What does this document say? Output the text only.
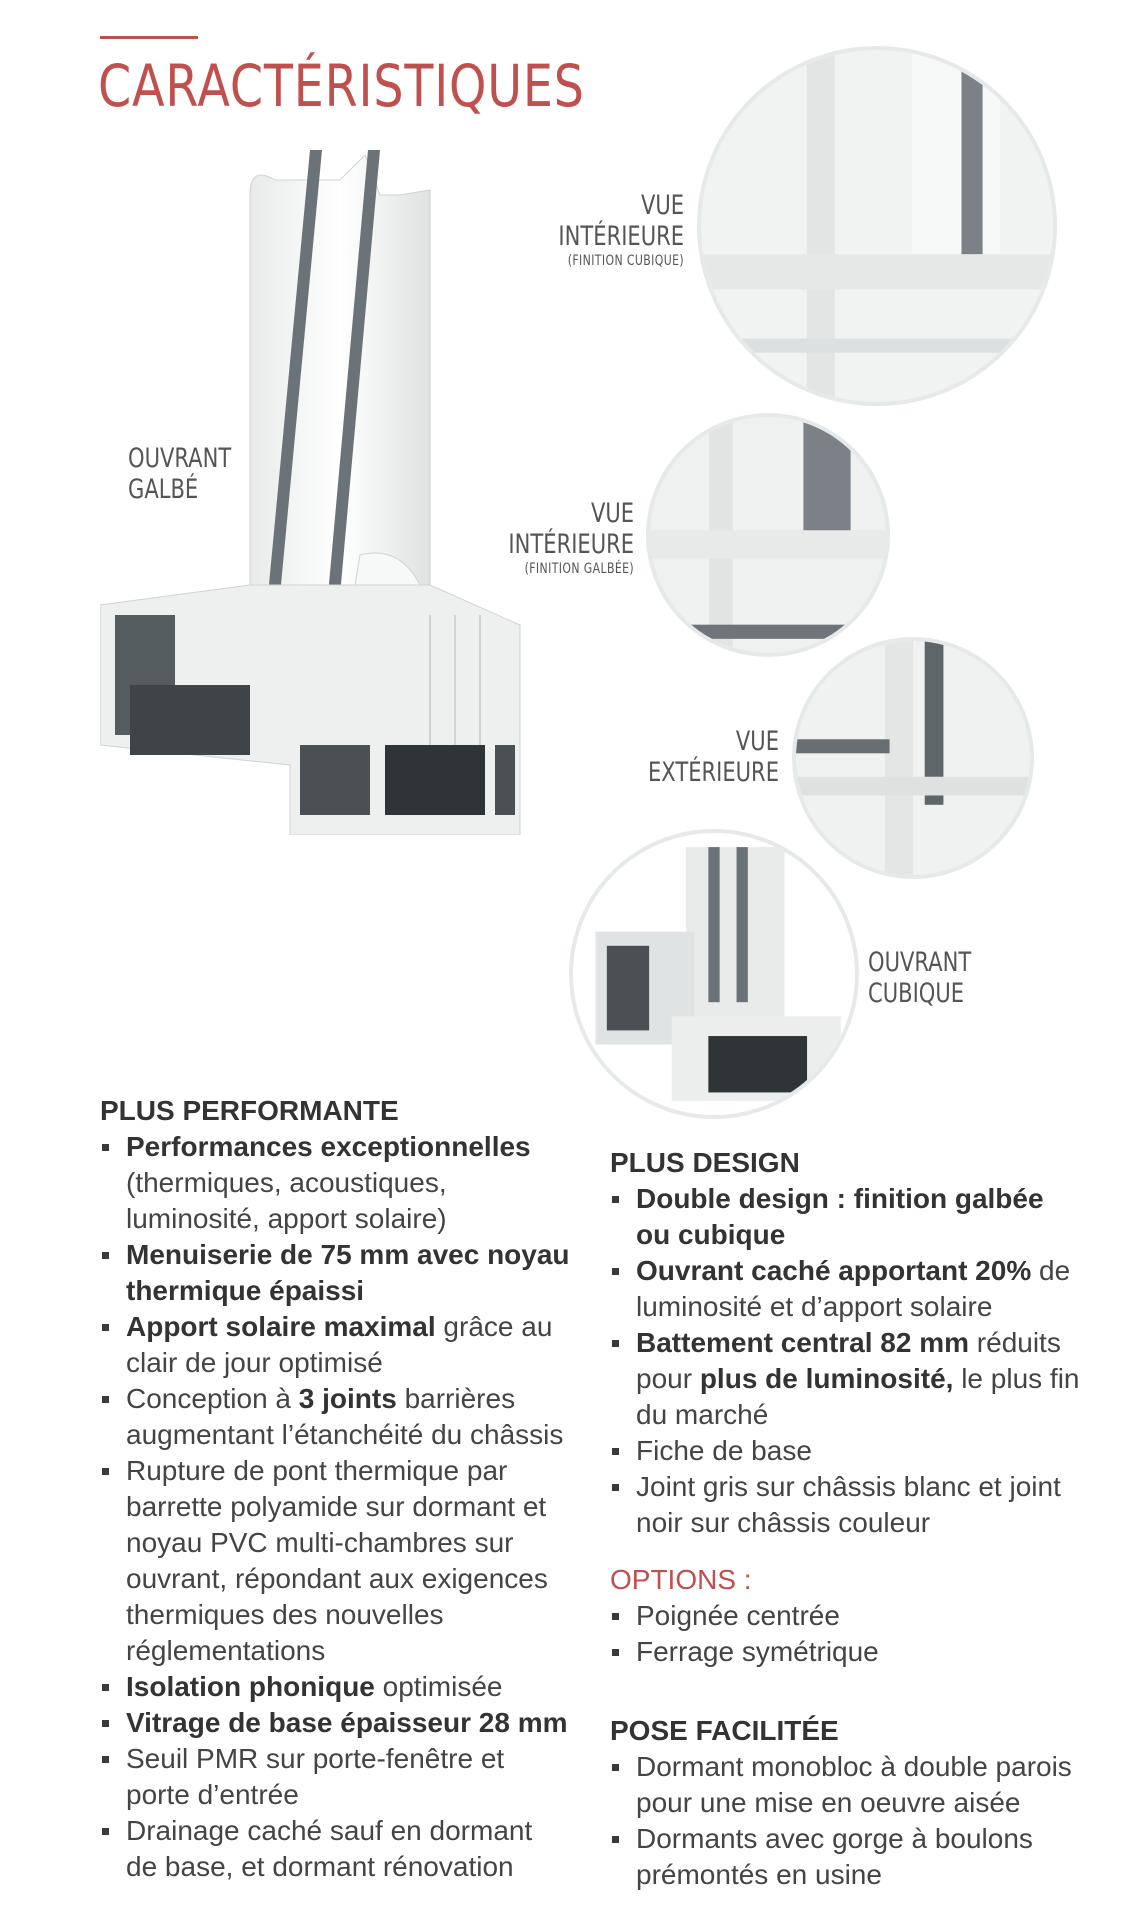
CARACTÉRISTIQUES
OUVRANT
GALBÉ
VUE
INTÉRIEURE
(FINITION CUBIQUE)
VUE
INTÉRIEURE
(FINITION GALBÉE)
VUE
EXTÉRIEURE
OUVRANT
CUBIQUE
PLUS PERFORMANTE
Performances exceptionnelles (thermiques, acoustiques, luminosité, apport solaire)
Menuiserie de 75 mm avec noyau thermique épaissi
Apport solaire maximal grâce au clair de jour optimisé
Conception à 3 joints barrières augmentant l’étanchéité du châssis
Rupture de pont thermique par barrette polyamide sur dormant et noyau PVC multi-chambres sur ouvrant, répondant aux exigences thermiques des nouvelles réglementations
Isolation phonique optimisée
Vitrage de base épaisseur 28 mm
Seuil PMR sur porte-fenêtre et porte d’entrée
Drainage caché sauf en dormant de base, et dormant rénovation
PLUS DESIGN
Double design : finition galbée ou cubique
Ouvrant caché apportant 20% de luminosité et d’apport solaire
Battement central 82 mm réduits pour plus de luminosité, le plus fin du marché
Fiche de base
Joint gris sur châssis blanc et joint noir sur châssis couleur
OPTIONS :
Poignée centrée
Ferrage symétrique
POSE FACILITÉE
Dormant monobloc à double parois pour une mise en oeuvre aisée
Dormants avec gorge à boulons prémontés en usine
